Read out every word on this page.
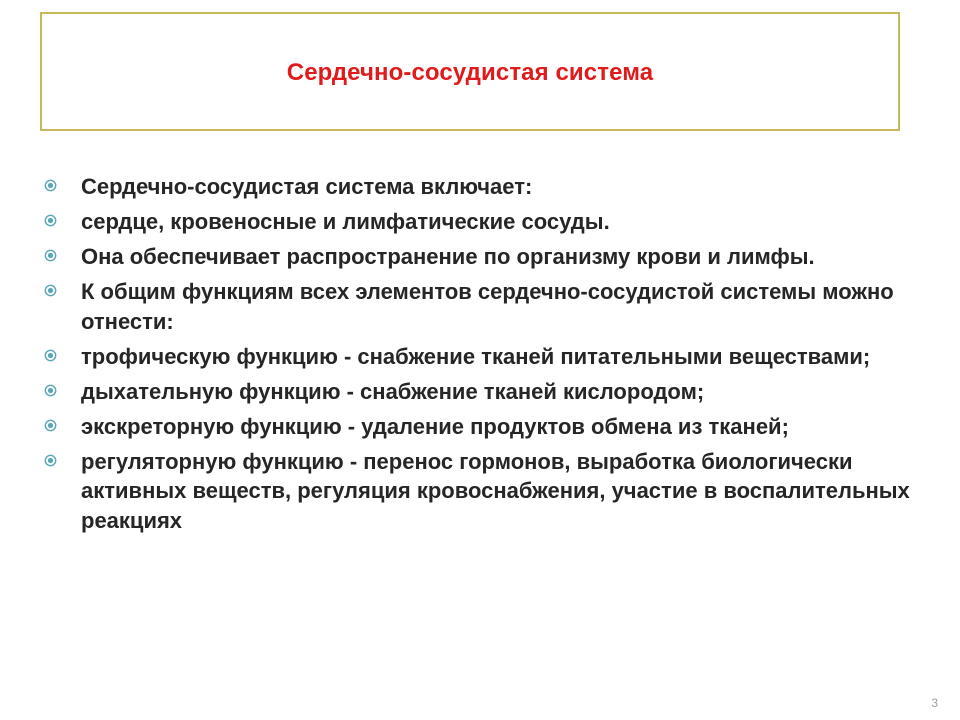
Сердечно-сосудистая система
Сердечно-сосудистая система включает:
сердце, кровеносные и лимфатические сосуды.
Она обеспечивает распространение по организму крови и лимфы.
К общим функциям всех элементов сердечно-сосудистой системы можно отнести:
трофическую функцию - снабжение тканей питательными веществами;
дыхательную функцию - снабжение тканей кислородом;
экскреторную функцию - удаление продуктов обмена из тканей;
регуляторную функцию - перенос гормонов, выработка биологически активных веществ, регуляция кровоснабжения, участие в воспалительных реакциях
3
